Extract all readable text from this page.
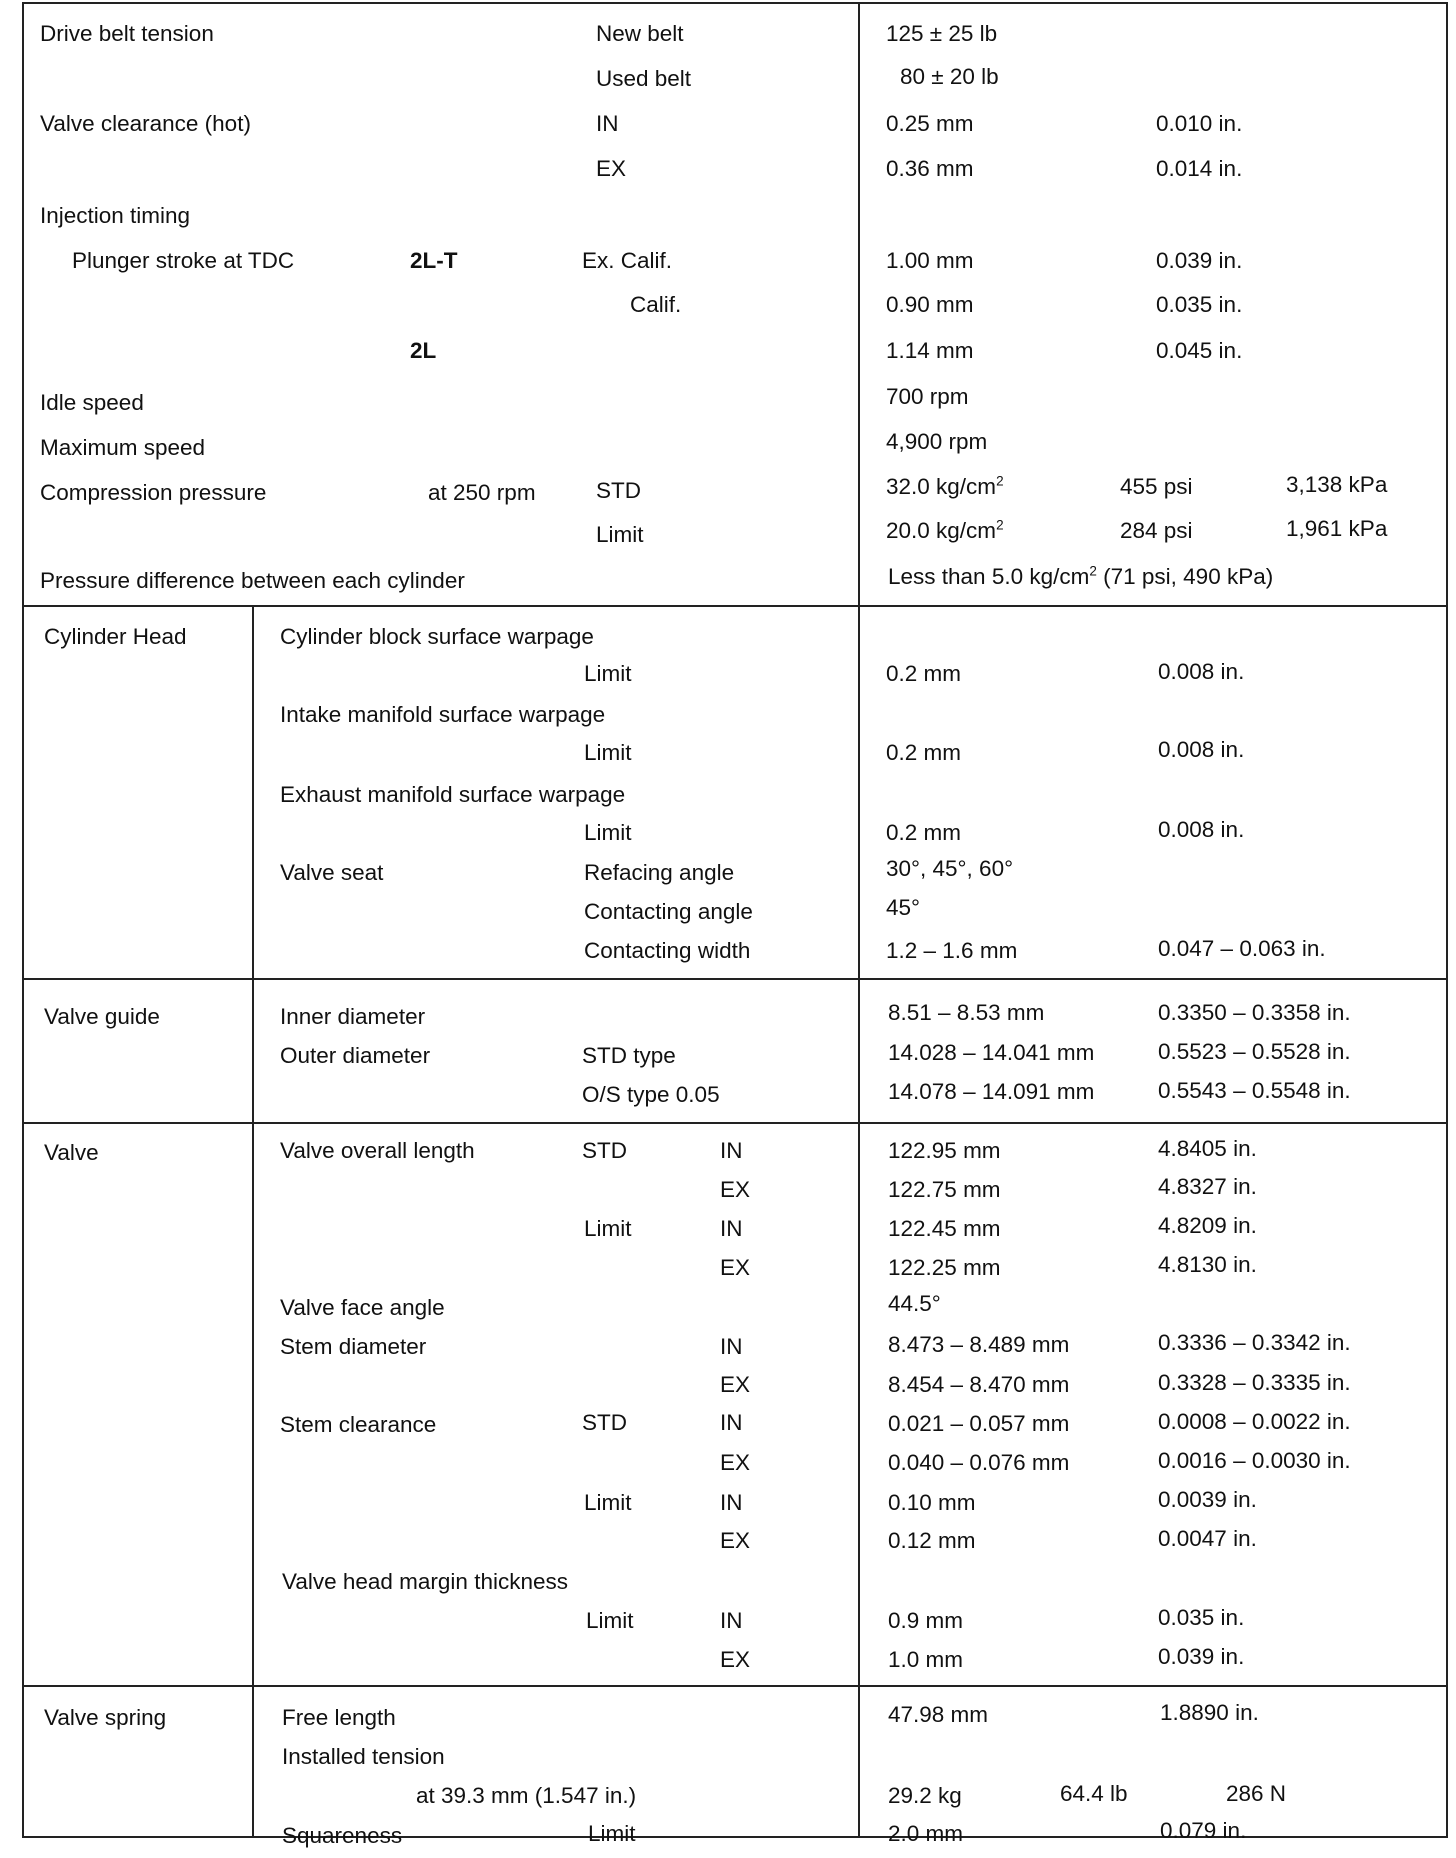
Drive belt tension	New belt	125 ± 25 lb
Used belt	80 ± 20 lb
Valve clearance (hot)	IN	0.25 mm	0.010 in.
EX	0.36 mm	0.014 in.
Injection timing
Plunger stroke at TDC	2L-T	Ex. Calif.	1.00 mm	0.039 in.
Calif.	0.90 mm	0.035 in.
2L	1.14 mm	0.045 in.
Idle speed	700 rpm
Maximum speed	4,900 rpm
Compression pressure	at 250 rpm	STD	32.0 $kg/cm^2$	455 psi	3,138 kPa
Limit	20.0 $kg/cm^2$	284 psi	1,961 kPa
Pressure difference between each cylinder	Less than 5.0 $kg/cm^2$ (71 psi, 490 kPa)
Cylinder Head	Cylinder block surface warpage
Limit	0.2 mm	0.008 in.
Intake manifold surface warpage
Limit	0.2 mm	0.008 in.
Exhaust manifold surface warpage
Limit	0.2 mm	0.008 in.
Valve seat	Refacing angle	30°, 45°, 60°
Contacting angle	45°
Contacting width	1.2 – 1.6 mm	0.047 – 0.063 in.
Valve guide	Inner diameter	8.51 – 8.53 mm	0.3350 – 0.3358 in.
Outer diameter	STD type	14.028 – 14.041 mm	0.5523 – 0.5528 in.
O/S type 0.05	14.078 – 14.091 mm	0.5543 – 0.5548 in.
Valve	Valve overall length	STD	IN	122.95 mm	4.8405 in.
EX	122.75 mm	4.8327 in.
Limit	IN	122.45 mm	4.8209 in.
EX	122.25 mm	4.8130 in.
Valve face angle	44.5°
Stem diameter	IN	8.473 – 8.489 mm	0.3336 – 0.3342 in.
EX	8.454 – 8.470 mm	0.3328 – 0.3335 in.
Stem clearance	STD	IN	0.021 – 0.057 mm	0.0008 – 0.0022 in.
EX	0.040 – 0.076 mm	0.0016 – 0.0030 in.
Limit	IN	0.10 mm	0.0039 in.
EX	0.12 mm	0.0047 in.
Valve head margin thickness
Limit	IN	0.9 mm	0.035 in.
EX	1.0 mm	0.039 in.
Valve spring	Free length	47.98 mm	1.8890 in.
Installed tension
at 39.3 mm (1.547 in.)	29.2 kg	64.4 lb	286 N
Squareness	Limit	2.0 mm	0.079 in.
